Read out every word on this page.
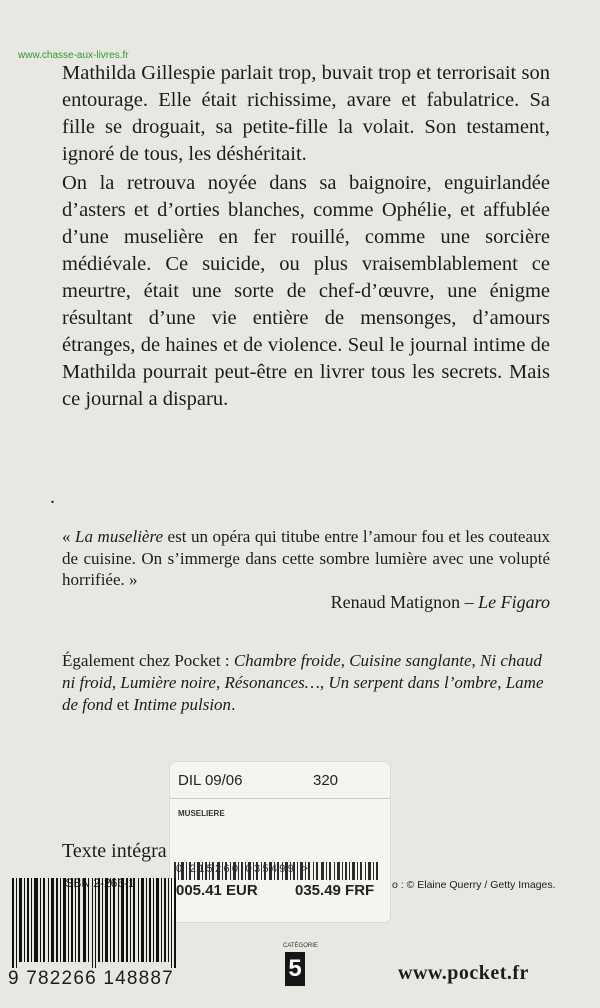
www.chasse-aux-livres.fr

Mathilda Gillespie parlait trop, buvait trop et terrorisait son entourage. Elle était richissime, avare et fabulatrice. Sa fille se droguait, sa petite-fille la volait. Son testament, ignoré de tous, les déshéritait.

On la retrouva noyée dans sa baignoire, enguirlandée d’asters et d’orties blanches, comme Ophélie, et affublée d’une muselière en fer rouillé, comme une sorcière médiévale. Ce suicide, ou plus vraisemblablement ce meurtre, était une sorte de chef-d’œuvre, une énigme résultant d’une vie entière de mensonges, d’amours étranges, de haines et de violence. Seul le journal intime de Mathilda pourrait peut-être en livrer tous les secrets. Mais ce journal a disparu.

.
« La muselière est un opéra qui titube entre l’amour fou et les couteaux de cuisine. On s’immerge dans cette sombre lumière avec une volupté horrifiée. »
Renaud Matignon – Le Figaro
Également chez Pocket : Chambre froide, Cuisine sanglante, Ni chaud ni froid, Lumière noire, Résonances…, Un serpent dans l’ombre, Lame de fond et Intime pulsion.
Texte intégra
ISBN	o : © Elaine Querry / Getty Images.
DIL 09/06	320
MUSELIERE
0 215260 035499 >
005.41 EUR 035.49 FRF
9 782266 148887
CATÉGORIE
5	www.pocket.fr
